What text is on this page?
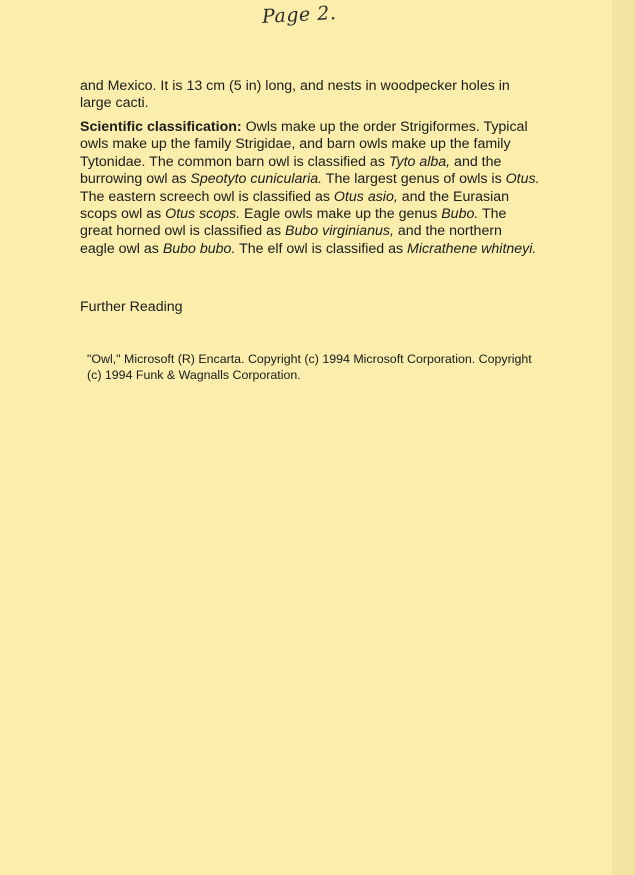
Page 2.

and Mexico. It is 13 cm (5 in) long, and nests in woodpecker holes in large cacti.

Scientific classification: Owls make up the order Strigiformes. Typical owls make up the family Strigidae, and barn owls make up the family Tytonidae. The common barn owl is classified as Tyto alba, and the burrowing owl as Speotyto cunicularia. The largest genus of owls is Otus. The eastern screech owl is classified as Otus asio, and the Eurasian scops owl as Otus scops. Eagle owls make up the genus Bubo. The great horned owl is classified as Bubo virginianus, and the northern eagle owl as Bubo bubo. The elf owl is classified as Micrathene whitneyi.

Further Reading

"Owl," Microsoft (R) Encarta. Copyright (c) 1994 Microsoft Corporation. Copyright (c) 1994 Funk & Wagnalls Corporation.
